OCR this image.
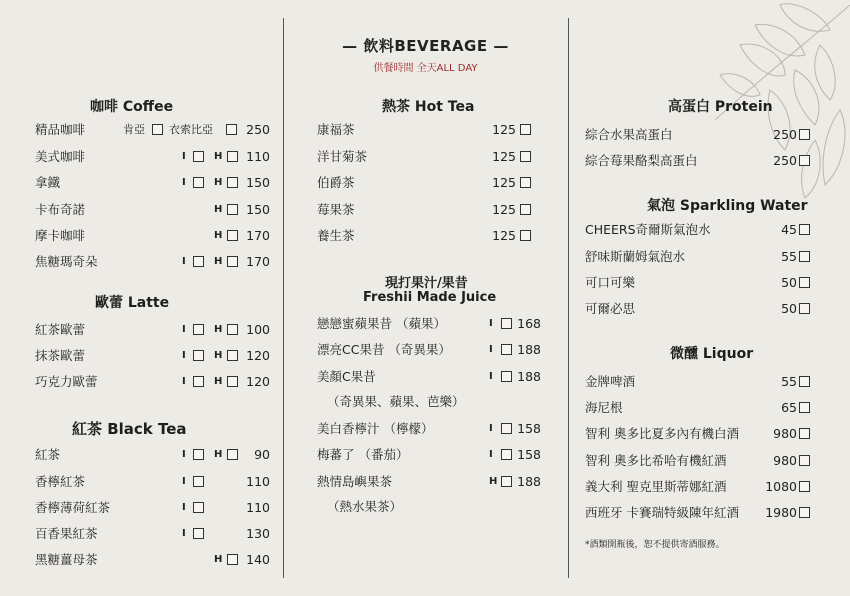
— 飲料BEVERAGE —
供餐時間 全天ALL DAY
咖啡 Coffee
精品咖啡	肯亞 衣索比亞	250
美式咖啡	I	H	110
拿鐵	I	H	150
卡布奇諾	H	150
摩卡咖啡	H	170
焦糖瑪奇朵	I	H	170
紅茶歐蕾	I	H	100
抹茶歐蕾	I	H	120
巧克力歐蕾	I	H	120
紅茶	I	H	90
香檸紅茶	I	110
香檸薄荷紅茶	I	110
百香果紅茶	I	130
黑糖薑母茶	H	140
歐蕾 Latte
紅茶 Black Tea
熱茶 Hot Tea
康福茶	125
洋甘菊茶	125
伯爵茶	125
莓果茶	125
養生茶	125
戀戀蜜蘋果昔 （蘋果）	I	168
漂亮CC果昔 （奇異果）	I	188
美顏C果昔	I	188
美白香檸汁 （檸檬）	I	158
梅蕃了 （番茄）	I	158
熱情島嶼果茶	H	188
現打果汁/果昔
Freshii Made Juice
（奇異果、蘋果、芭樂）
（熱水果茶）
高蛋白 Protein
氣泡 Sparkling Water
微醺 Liquor
綜合水果高蛋白	250
綜合莓果酪梨高蛋白	250
CHEERS奇爾斯氣泡水	45
舒味斯蘭姆氣泡水	55
可口可樂	50
可爾必思	50
金牌啤酒	55
海尼根	65
智利 奧多比夏多內有機白酒	980
智利 奧多比希哈有機紅酒	980
義大利 聖克里斯蒂娜紅酒	1080
西班牙 卡賽瑞特級陳年紅酒	1980
*酒類開瓶後，恕不提供寄酒服務。
